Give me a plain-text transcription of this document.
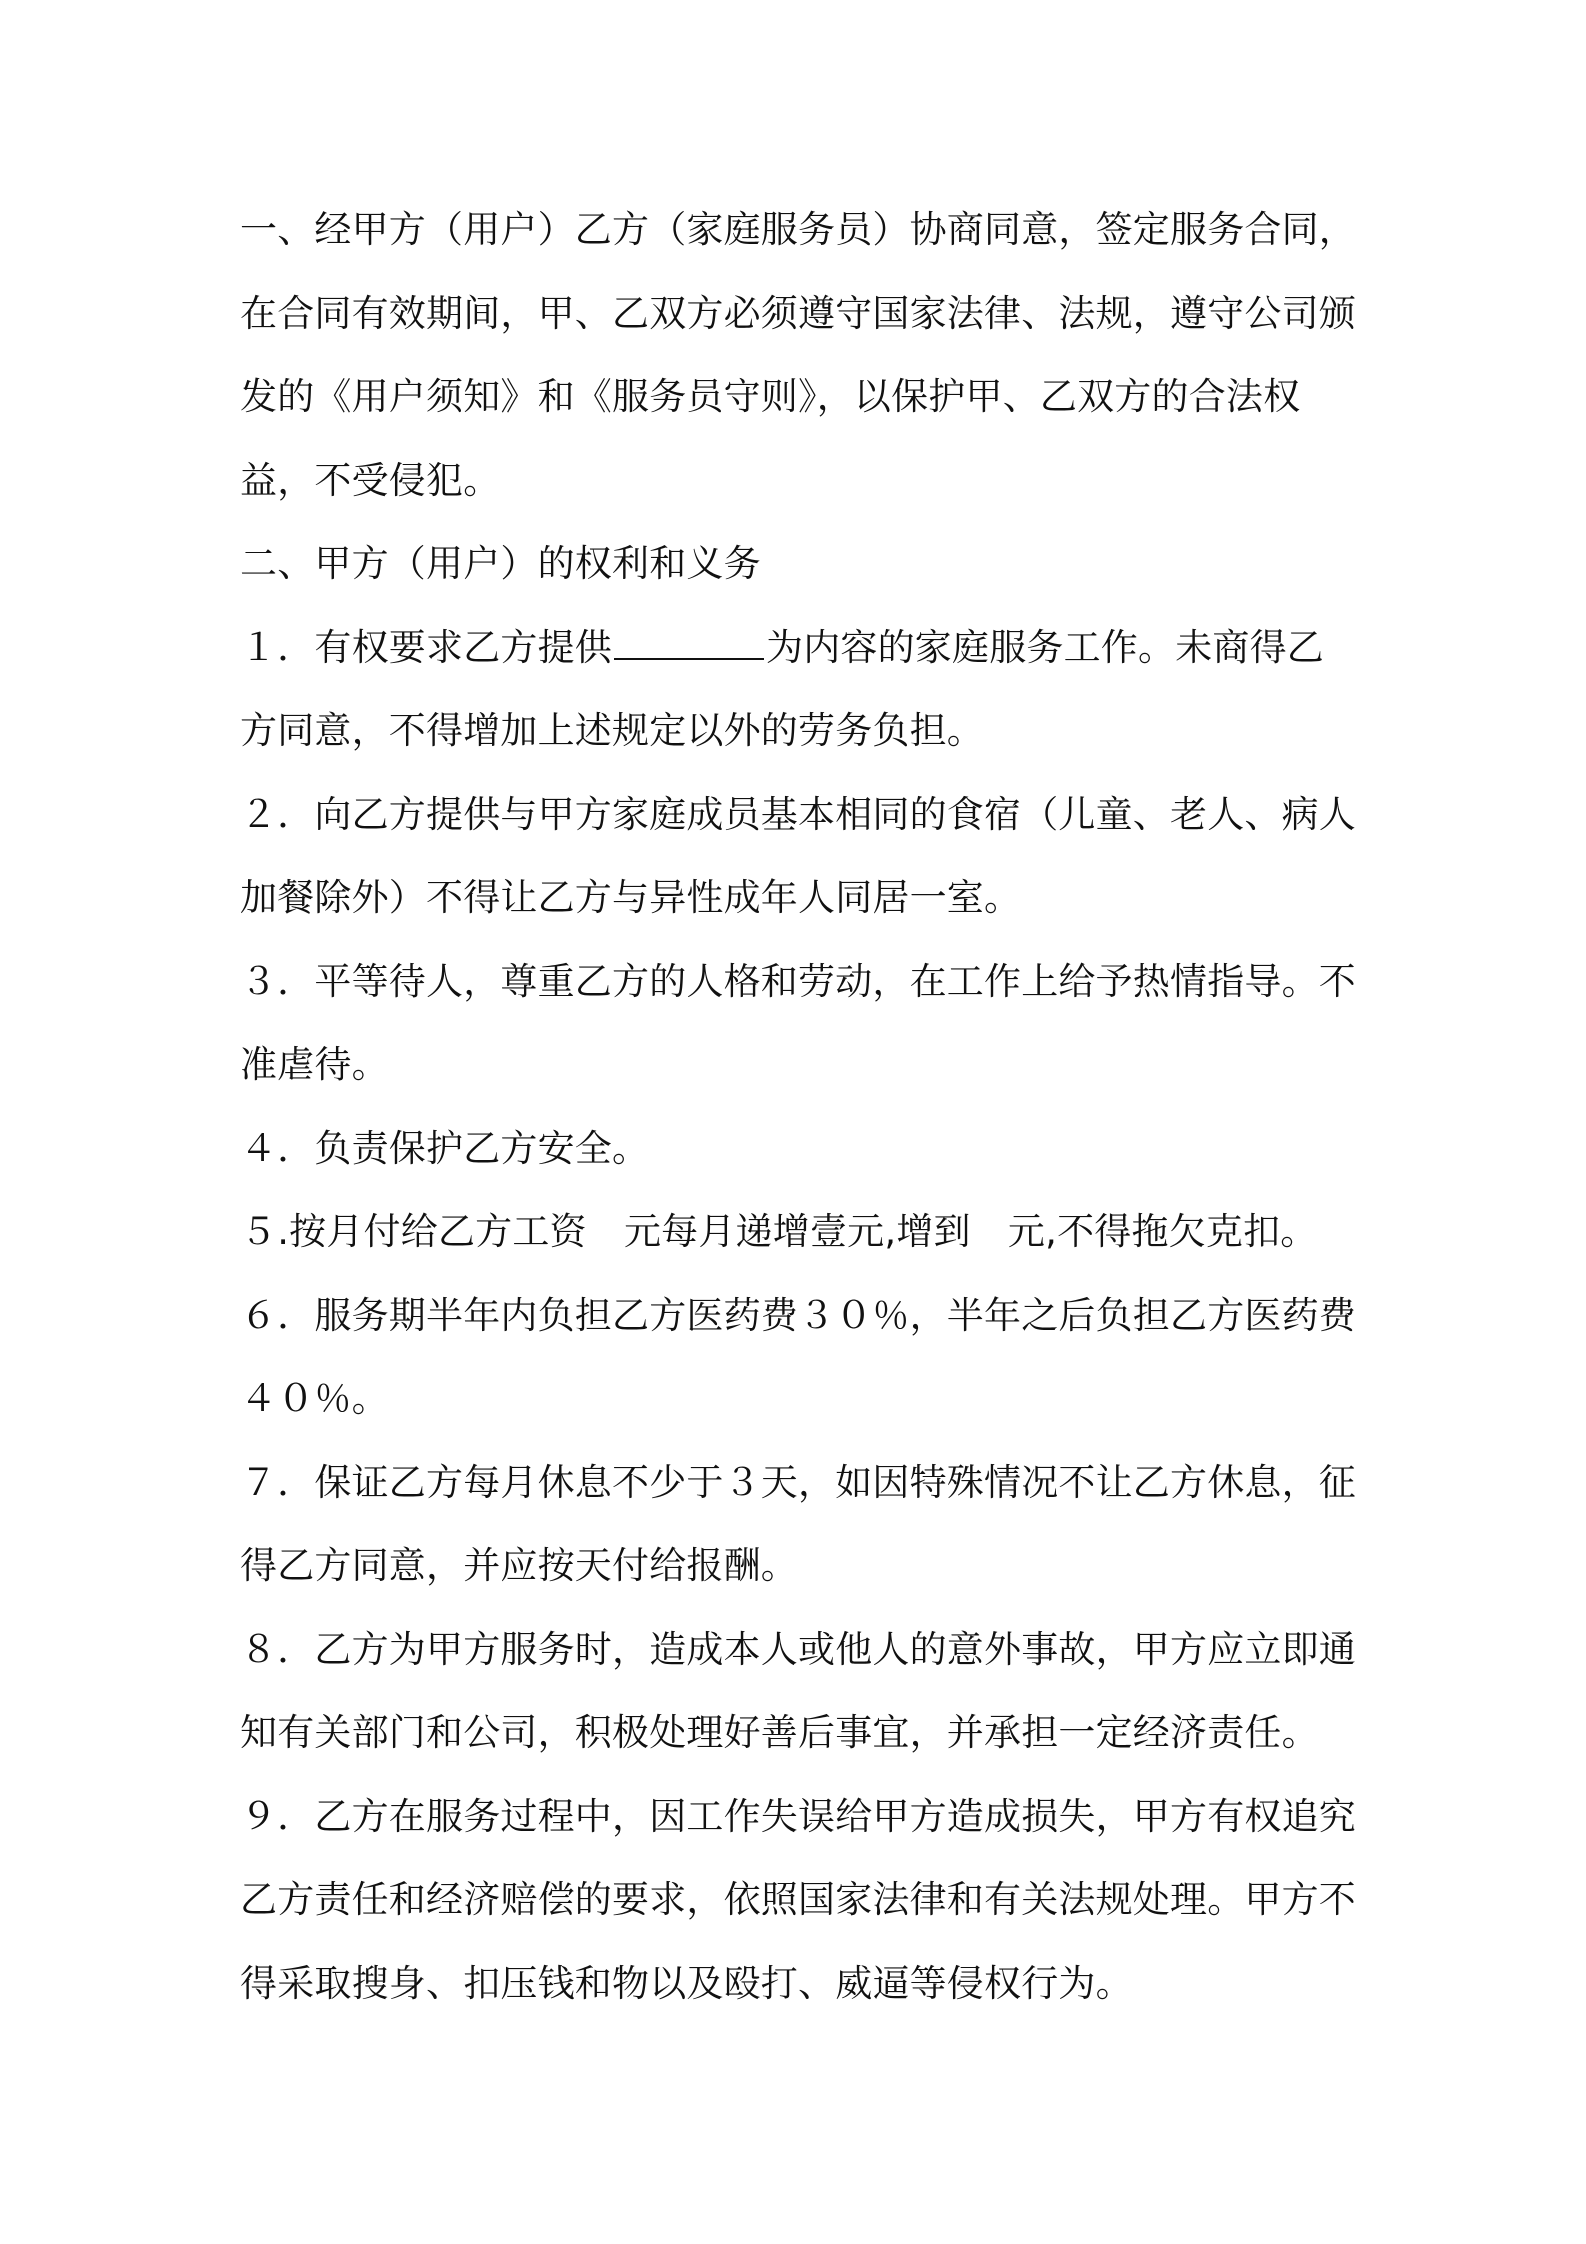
一、经甲方（用户）乙方（家庭服务员）协商同意，签定服务合同，在合同有效期间，甲、乙双方必须遵守国家法律、法规，遵守公司颁发的《用户须知》和《服务员守则》，以保护甲、乙双方的合法权益，不受侵犯。

二、甲方（用户）的权利和义务

１．有权要求乙方提供	为内容的家庭服务工作。未商得乙方同意，不得增加上述规定以外的劳务负担。

２．向乙方提供与甲方家庭成员基本相同的食宿（儿童、老人、病人加餐除外）不得让乙方与异性成年人同居一室。

３．平等待人，尊重乙方的人格和劳动，在工作上给予热情指导。不准虐待。

４．负责保护乙方安全。

５.按月付给乙方工资　元每月递增壹元,增到　元,不得拖欠克扣。

６．服务期半年内负担乙方医药费３０％，半年之后负担乙方医药费４０％。

７．保证乙方每月休息不少于３天，如因特殊情况不让乙方休息，征得乙方同意，并应按天付给报酬。

８．乙方为甲方服务时，造成本人或他人的意外事故，甲方应立即通知有关部门和公司，积极处理好善后事宜，并承担一定经济责任。

９．乙方在服务过程中，因工作失误给甲方造成损失，甲方有权追究乙方责任和经济赔偿的要求，依照国家法律和有关法规处理。甲方不得采取搜身、扣压钱和物以及殴打、威逼等侵权行为。
